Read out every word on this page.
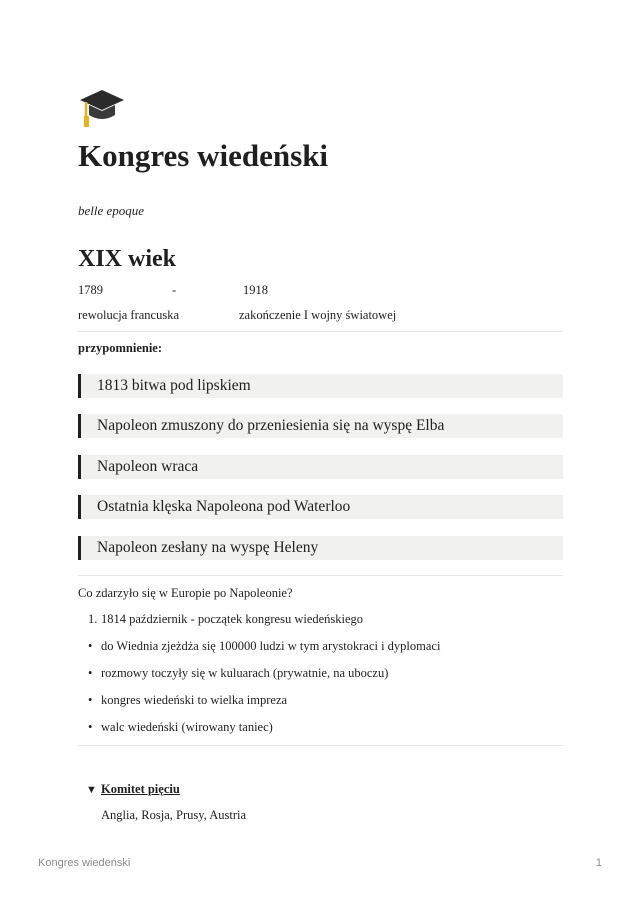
Kongres wiedeński
belle epoque
XIX wiek
1789	-	1918
rewolucja francuska	zakończenie I wojny światowej
przypomnienie:
1813 bitwa pod lipskiem
Napoleon zmuszony do przeniesienia się na wyspę Elba
Napoleon wraca
Ostatnia klęska Napoleona pod Waterloo
Napoleon zesłany na wyspę Heleny
Co zdarzyło się w Europie po Napoleonie?
1. 1814 październik - początek kongresu wiedeńskiego
• do Wiednia zjeżdża się 100000 ludzi w tym arystokraci i dyplomaci
• rozmowy toczyły się w kuluarach (prywatnie, na uboczu)
• kongres wiedeński to wielka impreza
• walc wiedeński (wirowany taniec)
▼ Komitet pięciu
Anglia, Rosja, Prusy, Austria
Kongres wiedeński	1
